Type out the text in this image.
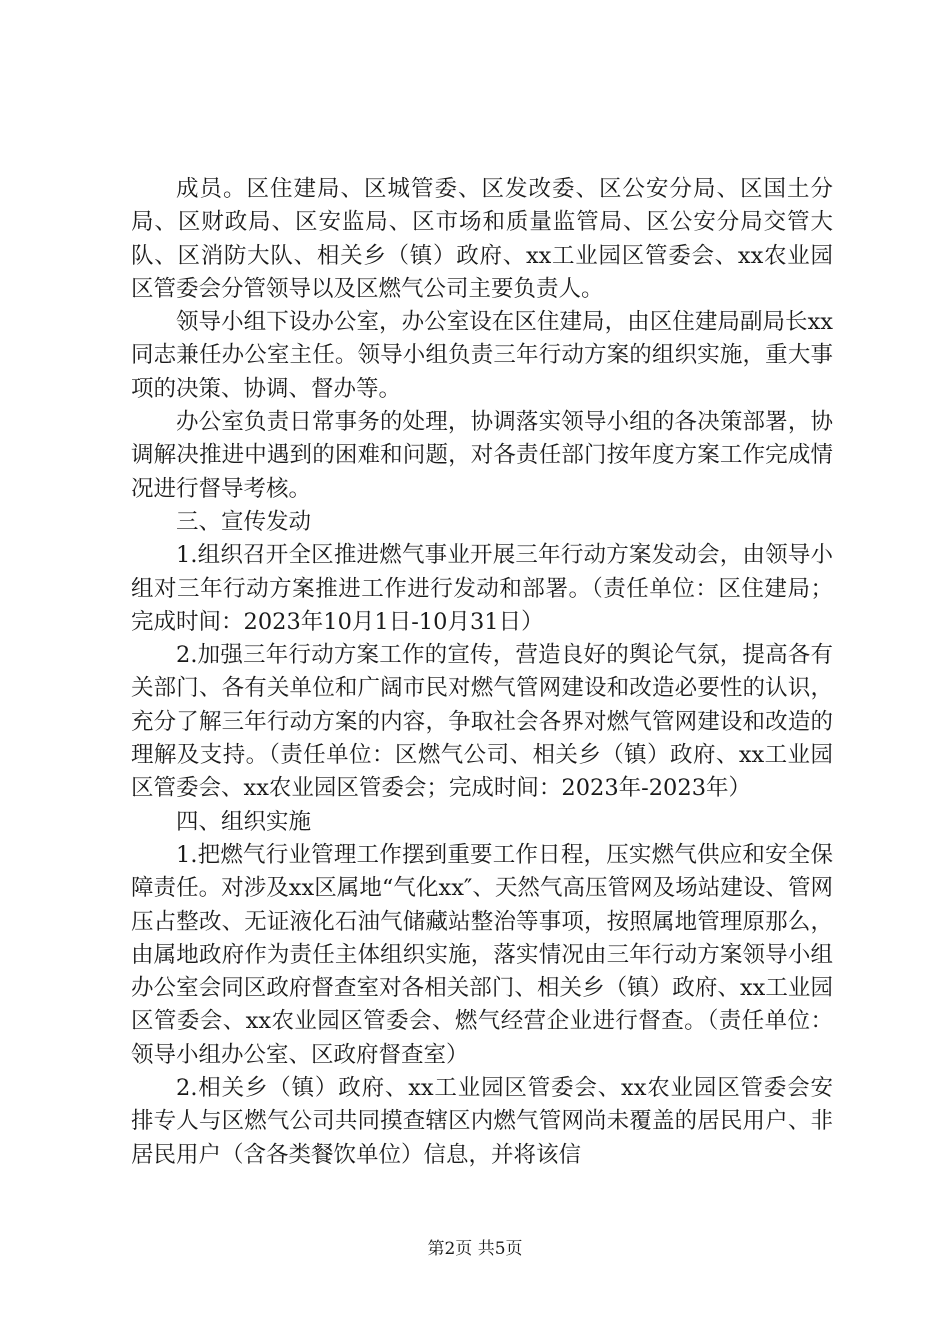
成员。区住建局、区城管委、区发改委、区公安分局、区国土分局、区财政局、区安监局、区市场和质量监管局、区公安分局交管大队、区消防大队、相关乡（镇）政府、xx工业园区管委会、xx农业园区管委会分管领导以及区燃气公司主要负责人。

领导小组下设办公室，办公室设在区住建局，由区住建局副局长xx同志兼任办公室主任。领导小组负责三年行动方案的组织实施，重大事项的决策、协调、督办等。

办公室负责日常事务的处理，协调落实领导小组的各决策部署，协调解决推进中遇到的困难和问题，对各责任部门按年度方案工作完成情况进行督导考核。

三、宣传发动

1.组织召开全区推进燃气事业开展三年行动方案发动会，由领导小组对三年行动方案推进工作进行发动和部署。（责任单位：区住建局；完成时间：2023年10月1日-10月31日）

2.加强三年行动方案工作的宣传，营造良好的舆论气氛，提高各有关部门、各有关单位和广阔市民对燃气管网建设和改造必要性的认识，充分了解三年行动方案的内容，争取社会各界对燃气管网建设和改造的理解及支持。（责任单位：区燃气公司、相关乡（镇）政府、xx工业园区管委会、xx农业园区管委会；完成时间：2023年-2023年）

四、组织实施

1.把燃气行业管理工作摆到重要工作日程，压实燃气供应和安全保障责任。对涉及xx区属地“气化xx″、天然气高压管网及场站建设、管网压占整改、无证液化石油气储藏站整治等事项，按照属地管理原那么，由属地政府作为责任主体组织实施，落实情况由三年行动方案领导小组办公室会同区政府督查室对各相关部门、相关乡（镇）政府、xx工业园区管委会、xx农业园区管委会、燃气经营企业进行督查。（责任单位：领导小组办公室、区政府督查室）

2.相关乡（镇）政府、xx工业园区管委会、xx农业园区管委会安排专人与区燃气公司共同摸查辖区内燃气管网尚未覆盖的居民用户、非居民用户（含各类餐饮单位）信息，并将该信

第2页 共5页
